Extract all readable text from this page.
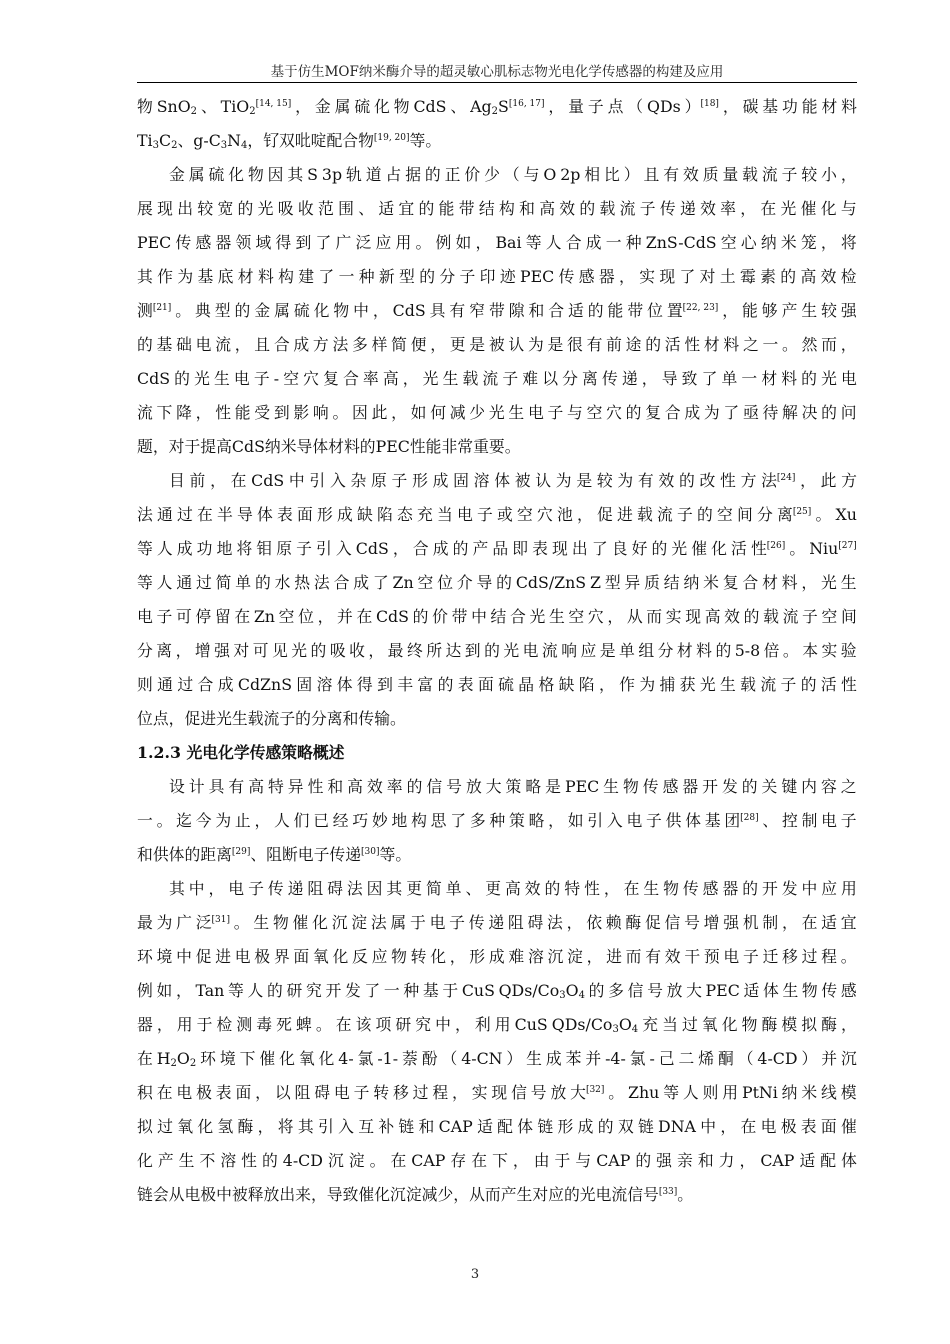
基于仿生MOF纳米酶介导的超灵敏心肌标志物光电化学传感器的构建及应用
物 SnO$_2$ 、 TiO$_2$[14, 15] ， 金 属 硫 化 物 CdS 、 $Ag_2S[16, 17]$ ， 量 子 点 （ QDs ）[18] ， 碳 基 功 能 材 料
$Ti_3C_2$ 、 $g-C_3N_4$ ， 钌 双 吡 啶 配 合 物[19, 20] 等 。
金 属 硫 化 物 因 其 S 3p 轨 道 占 据 的 正 价 少 （ 与 O 2p 相 比 ） 且 有 效 质 量 载 流 子 较 小 ，
展 现 出 较 宽 的 光 吸 收 范 围 、 适 宜 的 能 带 结 构 和 高 效 的 载 流 子 传 递 效 率 ， 在 光 催 化 与
PEC 传 感 器 领 域 得 到 了 广 泛 应 用 。 例 如 ， Bai 等 人 合 成 一 种 ZnS-CdS 空 心 纳 米 笼 ， 将
其 作 为 基 底 材 料 构 建 了 一 种 新 型 的 分 子 印 迹 PEC 传 感 器 ， 实 现 了 对 土 霉 素 的 高 效 检
测[21] 。 典 型 的 金 属 硫 化 物 中 ， CdS 具 有 窄 带 隙 和 合 适 的 能 带 位 置[22, 23] ， 能 够 产 生 较 强
的 基 础 电 流 ， 且 合 成 方 法 多 样 简 便 ， 更 是 被 认 为 是 很 有 前 途 的 活 性 材 料 之 一 。 然 而 ，
CdS 的 光 生 电 子 - 空 穴 复 合 率 高 ， 光 生 载 流 子 难 以 分 离 传 递 ， 导 致 了 单 一 材 料 的 光 电
流 下 降 ， 性 能 受 到 影 响 。 因 此 ， 如 何 减 少 光 生 电 子 与 空 穴 的 复 合 成 为 了 亟 待 解 决 的 问
题 ， 对 于 提 高 CdS 纳 米 导 体 材 料 的 PEC 性 能 非 常 重 要 。
目 前 ， 在 CdS 中 引 入 杂 原 子 形 成 固 溶 体 被 认 为 是 较 为 有 效 的 改 性 方 法[24] ， 此 方
法 通 过 在 半 导 体 表 面 形 成 缺 陷 态 充 当 电 子 或 空 穴 池 ， 促 进 载 流 子 的 空 间 分 离[25] 。 Xu
等 人 成 功 地 将 钼 原 子 引 入 CdS ， 合 成 的 产 品 即 表 现 出 了 良 好 的 光 催 化 活 性[26] 。 Niu[27]
等 人 通 过 简 单 的 水 热 法 合 成 了 Zn 空 位 介 导 的 CdS/ZnS Z 型 异 质 结 纳 米 复 合 材 料 ， 光 生
电 子 可 停 留 在 Zn 空 位 ， 并 在 CdS 的 价 带 中 结 合 光 生 空 穴 ， 从 而 实 现 高 效 的 载 流 子 空 间
分 离 ， 增 强 对 可 见 光 的 吸 收 ， 最 终 所 达 到 的 光 电 流 响 应 是 单 组 分 材 料 的 5-8 倍 。 本 实 验
则 通 过 合 成 CdZnS 固 溶 体 得 到 丰 富 的 表 面 硫 晶 格 缺 陷 ， 作 为 捕 获 光 生 载 流 子 的 活 性
位 点 ， 促 进 光 生 载 流 子 的 分 离 和 传 输 。
1.2.3 光电化学传感策略概述
设 计 具 有 高 特 异 性 和 高 效 率 的 信 号 放 大 策 略 是 PEC 生 物 传 感 器 开 发 的 关 键 内 容 之
一 。 迄 今 为 止 ， 人 们 已 经 巧 妙 地 构 思 了 多 种 策 略 ， 如 引 入 电 子 供 体 基 团[28] 、 控 制 电 子
和 供 体 的 距 离[29] 、 阻 断 电 子 传 递[30] 等 。
其 中 ， 电 子 传 递 阻 碍 法 因 其 更 简 单 、 更 高 效 的 特 性 ， 在 生 物 传 感 器 的 开 发 中 应 用
最 为 广 泛[31] 。 生 物 催 化 沉 淀 法 属 于 电 子 传 递 阻 碍 法 ， 依 赖 酶 促 信 号 增 强 机 制 ， 在 适 宜
环 境 中 促 进 电 极 界 面 氧 化 反 应 物 转 化 ， 形 成 难 溶 沉 淀 ， 进 而 有 效 干 预 电 子 迁 移 过 程 。
例 如 ， Tan 等 人 的 研 究 开 发 了 一 种 基 于 CuS QDs/$Co_3O_4$ 的 多 信 号 放 大 PEC 适 体 生 物 传 感
器 ， 用 于 检 测 毒 死 蜱 。 在 该 项 研 究 中 ， 利 用 CuS QDs/$Co_3O_4$ 充 当 过 氧 化 物 酶 模 拟 酶 ，
在 $H_2O_2$ 环 境 下 催 化 氧 化 4- 氯 -1- 萘 酚 （ 4-CN ） 生 成 苯 并 -4- 氯 - 己 二 烯 酮 （ 4-CD ） 并 沉
积 在 电 极 表 面 ， 以 阻 碍 电 子 转 移 过 程 ， 实 现 信 号 放 大[32] 。 Zhu 等 人 则 用 PtNi 纳 米 线 模
拟 过 氧 化 氢 酶 ， 将 其 引 入 互 补 链 和 CAP 适 配 体 链 形 成 的 双 链 DNA 中 ， 在 电 极 表 面 催
化 产 生 不 溶 性 的 4-CD 沉 淀 。 在 CAP 存 在 下 ， 由 于 与 CAP 的 强 亲 和 力 ， CAP 适 配 体
链 会 从 电 极 中 被 释 放 出 来 ， 导 致 催 化 沉 淀 减 少 ， 从 而 产 生 对 应 的 光 电 流 信 号[33] 。
3
